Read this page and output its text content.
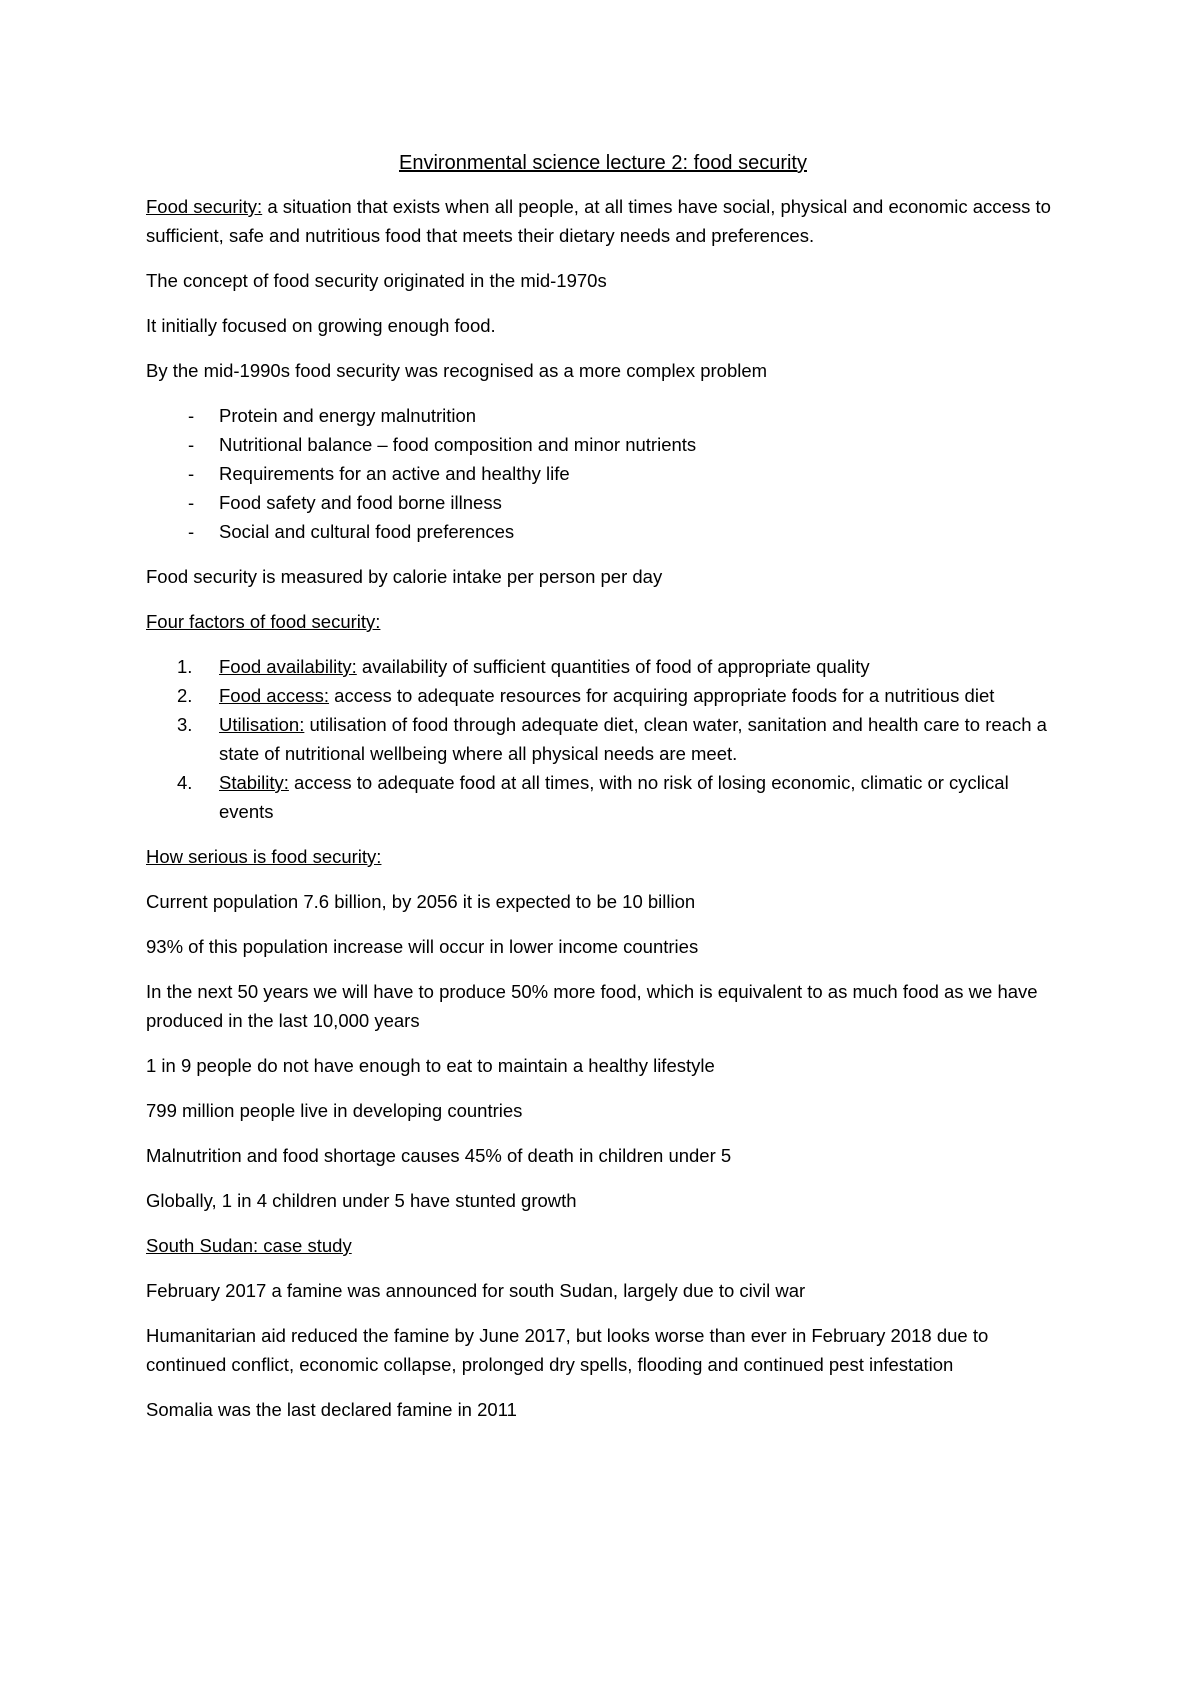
Environmental science lecture 2: food security

Food security: a situation that exists when all people, at all times have social, physical and economic access to sufficient, safe and nutritious food that meets their dietary needs and preferences.

The concept of food security originated in the mid-1970s

It initially focused on growing enough food.

By the mid-1990s food security was recognised as a more complex problem

- Protein and energy malnutrition
- Nutritional balance – food composition and minor nutrients
- Requirements for an active and healthy life
- Food safety and food borne illness
- Social and cultural food preferences

Food security is measured by calorie intake per person per day

Four factors of food security:

1. Food availability: availability of sufficient quantities of food of appropriate quality
2. Food access: access to adequate resources for acquiring appropriate foods for a nutritious diet
3. Utilisation: utilisation of food through adequate diet, clean water, sanitation and health care to reach a state of nutritional wellbeing where all physical needs are meet.
4. Stability: access to adequate food at all times, with no risk of losing economic, climatic or cyclical events

How serious is food security:

Current population 7.6 billion, by 2056 it is expected to be 10 billion

93% of this population increase will occur in lower income countries

In the next 50 years we will have to produce 50% more food, which is equivalent to as much food as we have produced in the last 10,000 years

1 in 9 people do not have enough to eat to maintain a healthy lifestyle

799 million people live in developing countries

Malnutrition and food shortage causes 45% of death in children under 5

Globally, 1 in 4 children under 5 have stunted growth

South Sudan: case study

February 2017 a famine was announced for south Sudan, largely due to civil war

Humanitarian aid reduced the famine by June 2017, but looks worse than ever in February 2018 due to continued conflict, economic collapse, prolonged dry spells, flooding and continued pest infestation

Somalia was the last declared famine in 2011
